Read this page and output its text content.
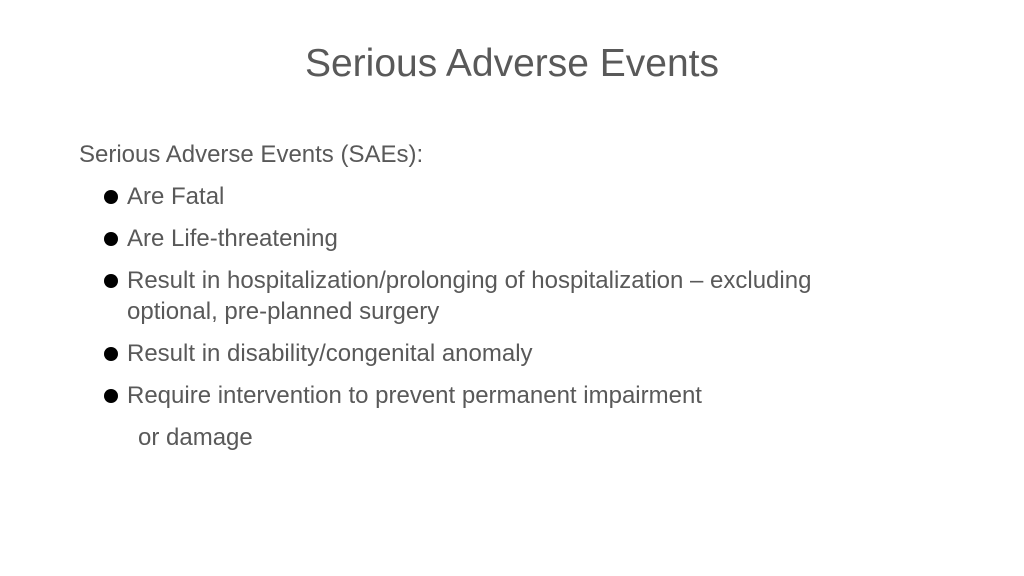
Serious Adverse Events
Serious Adverse Events (SAEs):
Are Fatal
Are Life-threatening
Result in hospitalization/prolonging of hospitalization – excluding optional, pre-planned surgery
Result in disability/congenital anomaly
Require intervention to prevent permanent impairment
or damage
